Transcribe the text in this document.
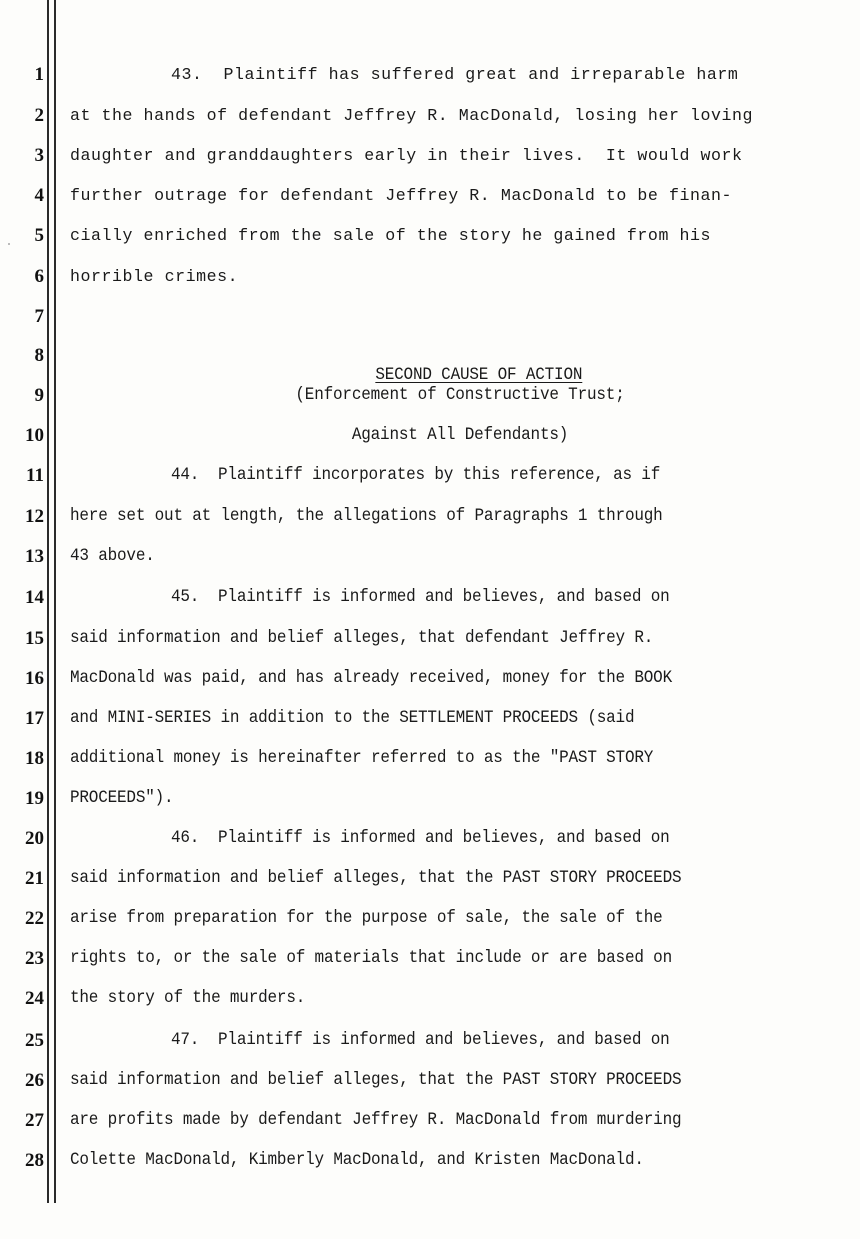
1
2
3
4
5
6
7
8
9
10
11
12
13
14
15
16
17
18
19
20
21
22
23
24
25
26
27
28
43.  Plaintiff has suffered great and irreparable harm
at the hands of defendant Jeffrey R. MacDonald, losing her loving
daughter and granddaughters early in their lives.  It would work
further outrage for defendant Jeffrey R. MacDonald to be finan-
cially enriched from the sale of the story he gained from his
horrible crimes.

SECOND CAUSE OF ACTION

(Enforcement of Constructive Trust;
Against All Defendants)
44.  Plaintiff incorporates by this reference, as if
here set out at length, the allegations of Paragraphs 1 through
43 above.
45.  Plaintiff is informed and believes, and based on
said information and belief alleges, that defendant Jeffrey R.
MacDonald was paid, and has already received, money for the BOOK
and MINI-SERIES in addition to the SETTLEMENT PROCEEDS (said
additional money is hereinafter referred to as the "PAST STORY
PROCEEDS").
46.  Plaintiff is informed and believes, and based on
said information and belief alleges, that the PAST STORY PROCEEDS
arise from preparation for the purpose of sale, the sale of the
rights to, or the sale of materials that include or are based on
the story of the murders.
47.  Plaintiff is informed and believes, and based on
said information and belief alleges, that the PAST STORY PROCEEDS
are profits made by defendant Jeffrey R. MacDonald from murdering
Colette MacDonald, Kimberly MacDonald, and Kristen MacDonald.
